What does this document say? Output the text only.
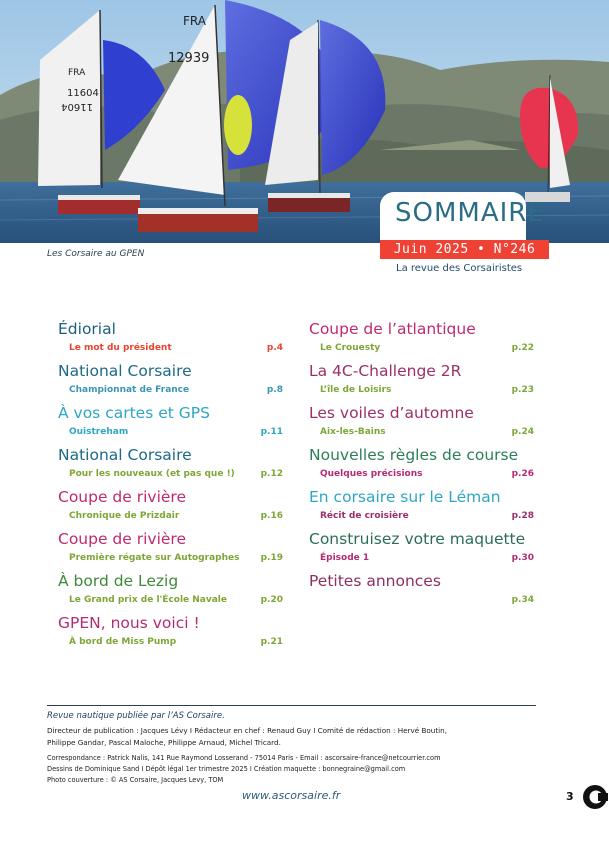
FRA
11604
11604
FRA
12939
Les Corsaire au GPEN
SOMMAIRE
Juin 2025 • N°246
La revue des Corsairistes
Édiorial
Le mot du président	p.4
National Corsaire
Championnat de France	p.8
À vos cartes et GPS
Ouistreham	p.11
National Corsaire
Pour les nouveaux (et pas que !)	p.12
Coupe de rivière
Chronique de Prizdair	p.16
Coupe de rivière
Première régate sur Autographes p.19
À bord de Lezig
Le Grand prix de l'École Navale	p.20
GPEN, nous voici !
À bord de Miss Pump	p.21
Coupe de l’atlantique
Le Crouesty	p.22
La 4C-Challenge 2R
L’île de Loisirs	p.23
Les voiles d’automne
Aix-les-Bains	p.24
Nouvelles règles de course
Quelques précisions	p.26
En corsaire sur le Léman
Récit de croisière	p.28
Construisez votre maquette
Épisode 1	p.30
Petites annonces
p.34
Revue nautique publiée par l’AS Corsaire.
Directeur de publication : Jacques Lévy I Rédacteur en chef : Renaud Guy I Comité de rédaction : Hervé Boutin,
Philippe Gandar, Pascal Maloche, Philippe Arnaud, Michel Tricard.
Correspondance : Patrick Nalis, 141 Rue Raymond Losserand - 75014 Paris - Email : ascorsaire-france@netcourrier.com
Dessins de Dominique Sand I Dépôt légal 1er trimestre 2025 I Création maquette : bonnegraine@gmail.com
Photo couverture : © AS Corsaire, Jacques Levy, TOM
www.ascorsaire.fr	3
